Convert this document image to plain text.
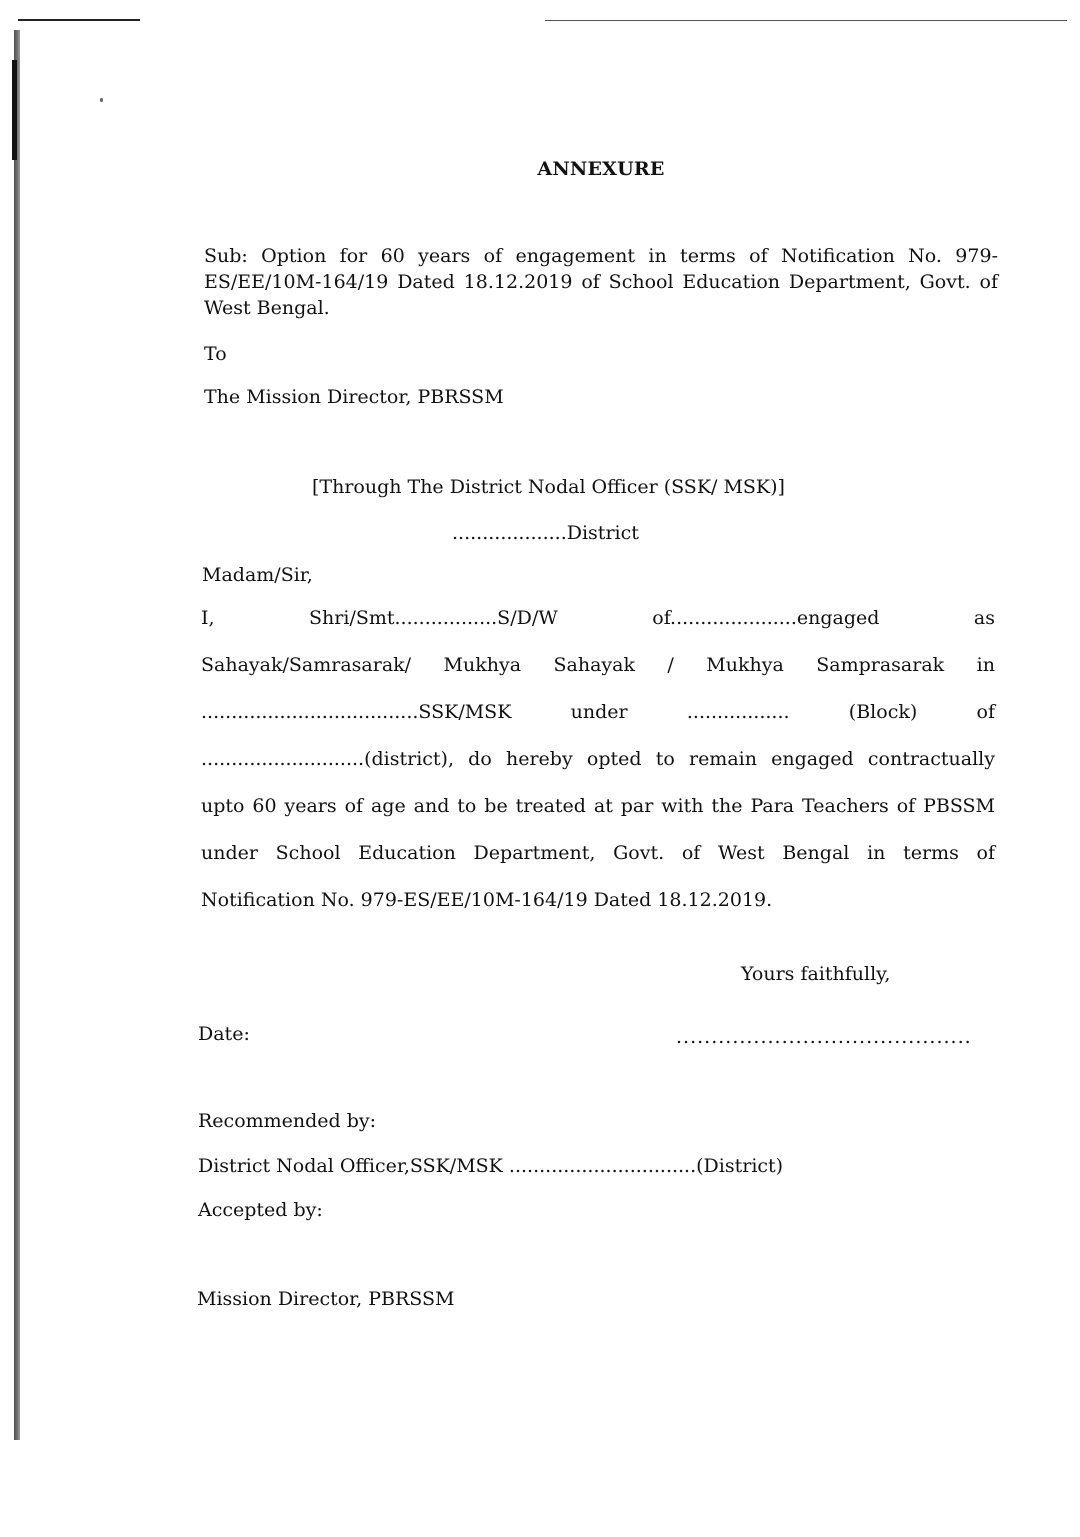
ANNEXURE
Sub: Option for 60 years of engagement in terms of Notification No. 979-ES/EE/10M-164/19 Dated 18.12.2019 of School Education Department, Govt. of West Bengal.
To
The Mission Director, PBRSSM
[Through The District Nodal Officer (SSK/ MSK)]
...................District
Madam/Sir,
I,	Shri/Smt.................S/D/W	of.....................engaged	as
Sahayak/Samrasarak/ Mukhya Sahayak / Mukhya Samprasarak in
....................................SSK/MSK	under	.................	(Block)	of
...........................(district), do hereby opted to remain engaged contractually
upto 60 years of age and to be treated at par with the Para Teachers of PBSSM
under School Education Department, Govt. of West Bengal in terms of
Notification No. 979-ES/EE/10M-164/19 Dated 18.12.2019.
Yours faithfully,
Date:	..........................................
Recommended by:
District Nodal Officer,SSK/MSK ...............................(District)
Accepted by:
Mission Director, PBRSSM
